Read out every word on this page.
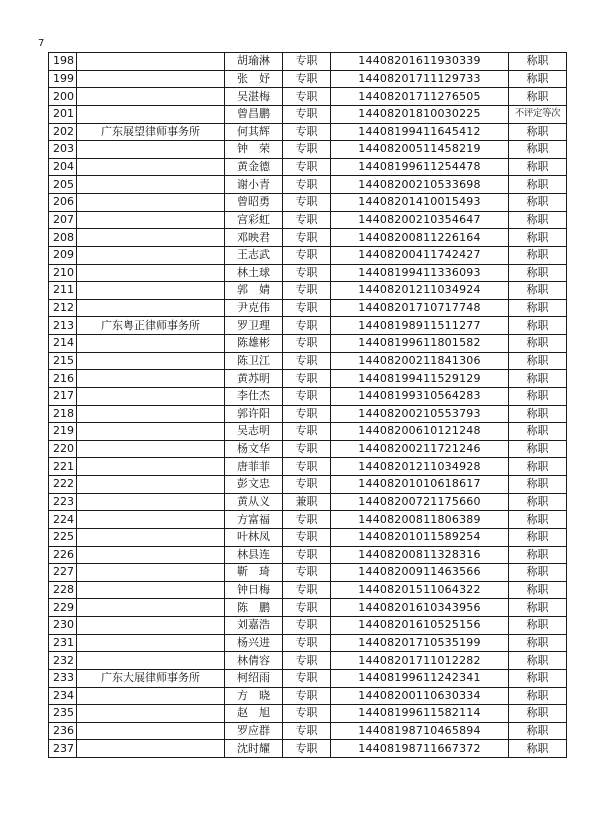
7
198		胡瑜淋	专职	14408201611930339	称职
199		张　妤	专职	14408201711129733	称职
200		吴湛梅	专职	14408201711276505	称职
201		曾昌鹏	专职	14408201810030225	不评定等次
202	广东展望律师事务所	何其辉	专职	14408199411645412	称职
203		钟　荣	专职	14408200511458219	称职
204		黄金德	专职	14408199611254478	称职
205		谢小青	专职	14408200210533698	称职
206		曾昭勇	专职	14408201410015493	称职
207		宫彩虹	专职	14408200210354647	称职
208		邓映君	专职	14408200811226164	称职
209		王志武	专职	14408200411742427	称职
210		林土球	专职	14408199411336093	称职
211		郭　婧	专职	14408201211034924	称职
212		尹克伟	专职	14408201710717748	称职
213	广东粤正律师事务所	罗卫理	专职	14408198911511277	称职
214		陈雄彬	专职	14408199611801582	称职
215		陈卫江	专职	14408200211841306	称职
216		黄苏明	专职	14408199411529129	称职
217		李仕杰	专职	14408199310564283	称职
218		郭许阳	专职	14408200210553793	称职
219		吴志明	专职	14408200610121248	称职
220		杨文华	专职	14408200211721246	称职
221		唐菲菲	专职	14408201211034928	称职
222		彭文忠	专职	14408201010618617	称职
223		黄从义	兼职	14408200721175660	称职
224		方富福	专职	14408200811806389	称职
225		叶林凤	专职	14408201011589254	称职
226		林县连	专职	14408200811328316	称职
227		靳　琦	专职	14408200911463566	称职
228		钟日梅	专职	14408201511064322	称职
229		陈　鹏	专职	14408201610343956	称职
230		刘嘉浩	专职	14408201610525156	称职
231		杨兴进	专职	14408201710535199	称职
232		林倩容	专职	14408201711012282	称职
233	广东大展律师事务所	柯绍雨	专职	14408199611242341	称职
234		方　晓	专职	14408200110630334	称职
235		赵　旭	专职	14408199611582114	称职
236		罗应群	专职	14408198710465894	称职
237		沈时耀	专职	14408198711667372	称职
